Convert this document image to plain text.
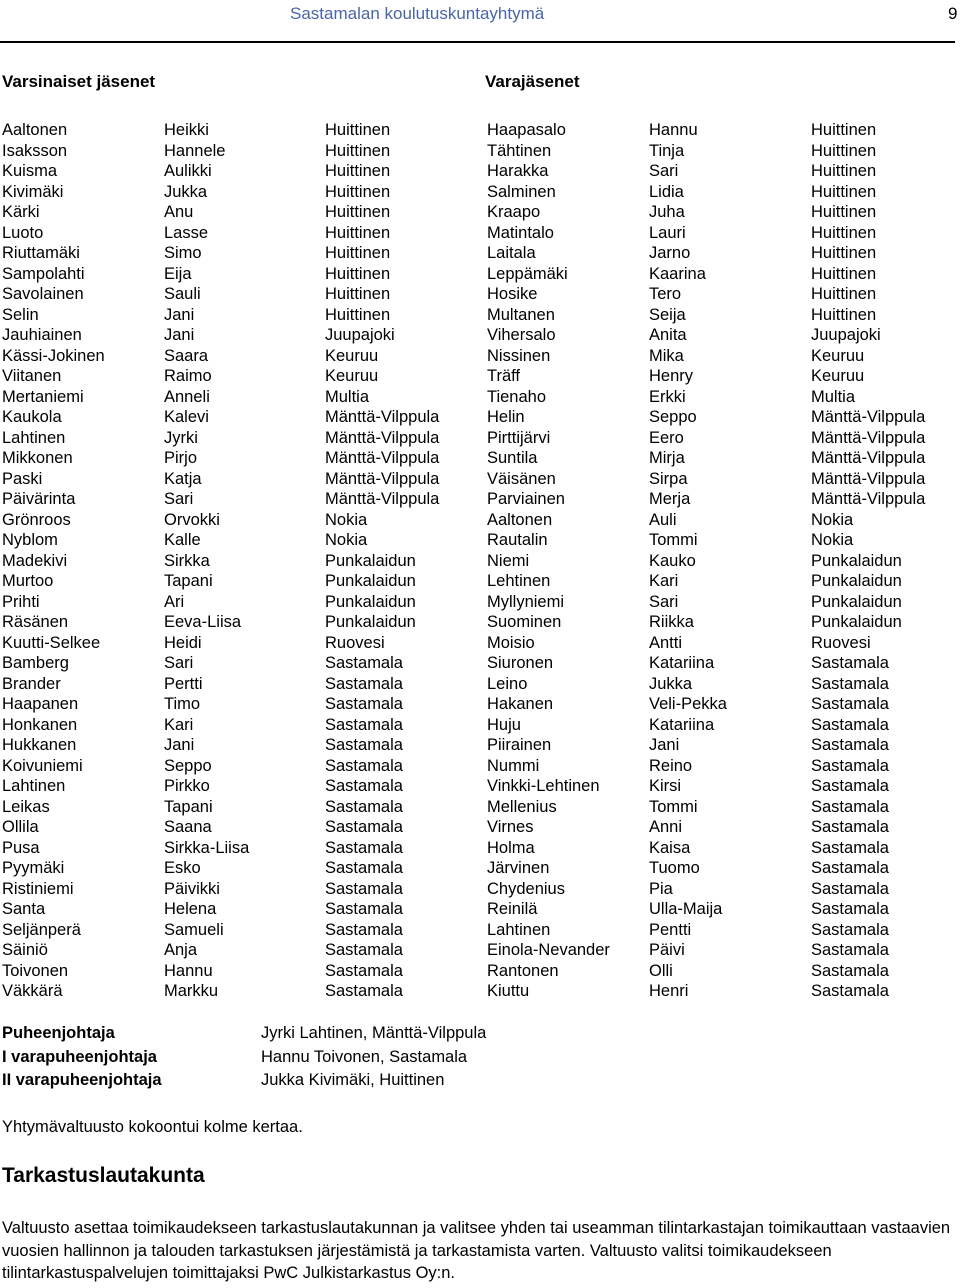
Sastamalan koulutuskuntayhtymä	9
Varsinaiset jäsenet	Varajäsenet
Aaltonen	Heikki	Huittinen	Haapasalo	Hannu	Huittinen
Isaksson	Hannele	Huittinen	Tähtinen	Tinja	Huittinen
Kuisma	Aulikki	Huittinen	Harakka	Sari	Huittinen
Kivimäki	Jukka	Huittinen	Salminen	Lidia	Huittinen
Kärki	Anu	Huittinen	Kraapo	Juha	Huittinen
Luoto	Lasse	Huittinen	Matintalo	Lauri	Huittinen
Riuttamäki	Simo	Huittinen	Laitala	Jarno	Huittinen
Sampolahti	Eija	Huittinen	Leppämäki	Kaarina	Huittinen
Savolainen	Sauli	Huittinen	Hosike	Tero	Huittinen
Selin	Jani	Huittinen	Multanen	Seija	Huittinen
Jauhiainen	Jani	Juupajoki	Vihersalo	Anita	Juupajoki
Kässi-Jokinen	Saara	Keuruu	Nissinen	Mika	Keuruu
Viitanen	Raimo	Keuruu	Träff	Henry	Keuruu
Mertaniemi	Anneli	Multia	Tienaho	Erkki	Multia
Kaukola	Kalevi	Mänttä-Vilppula	Helin	Seppo	Mänttä-Vilppula
Lahtinen	Jyrki	Mänttä-Vilppula	Pirttijärvi	Eero	Mänttä-Vilppula
Mikkonen	Pirjo	Mänttä-Vilppula	Suntila	Mirja	Mänttä-Vilppula
Paski	Katja	Mänttä-Vilppula	Väisänen	Sirpa	Mänttä-Vilppula
Päivärinta	Sari	Mänttä-Vilppula	Parviainen	Merja	Mänttä-Vilppula
Grönroos	Orvokki	Nokia	Aaltonen	Auli	Nokia
Nyblom	Kalle	Nokia	Rautalin	Tommi	Nokia
Madekivi	Sirkka	Punkalaidun	Niemi	Kauko	Punkalaidun
Murtoo	Tapani	Punkalaidun	Lehtinen	Kari	Punkalaidun
Prihti	Ari	Punkalaidun	Myllyniemi	Sari	Punkalaidun
Räsänen	Eeva-Liisa	Punkalaidun	Suominen	Riikka	Punkalaidun
Kuutti-Selkee	Heidi	Ruovesi	Moisio	Antti	Ruovesi
Bamberg	Sari	Sastamala	Siuronen	Katariina	Sastamala
Brander	Pertti	Sastamala	Leino	Jukka	Sastamala
Haapanen	Timo	Sastamala	Hakanen	Veli-Pekka	Sastamala
Honkanen	Kari	Sastamala	Huju	Katariina	Sastamala
Hukkanen	Jani	Sastamala	Piirainen	Jani	Sastamala
Koivuniemi	Seppo	Sastamala	Nummi	Reino	Sastamala
Lahtinen	Pirkko	Sastamala	Vinkki-Lehtinen	Kirsi	Sastamala
Leikas	Tapani	Sastamala	Mellenius	Tommi	Sastamala
Ollila	Saana	Sastamala	Virnes	Anni	Sastamala
Pusa	Sirkka-Liisa	Sastamala	Holma	Kaisa	Sastamala
Pyymäki	Esko	Sastamala	Järvinen	Tuomo	Sastamala
Ristiniemi	Päivikki	Sastamala	Chydenius	Pia	Sastamala
Santa	Helena	Sastamala	Reinilä	Ulla-Maija	Sastamala
Seljänperä	Samueli	Sastamala	Lahtinen	Pentti	Sastamala
Säiniö	Anja	Sastamala	Einola-Nevander Päivi	Sastamala
Toivonen	Hannu	Sastamala	Rantonen	Olli	Sastamala
Väkkärä	Markku	Sastamala	Kiuttu	Henri	Sastamala
Puheenjohtaja	Jyrki Lahtinen, Mänttä-Vilppula
I varapuheenjohtaja	Hannu Toivonen, Sastamala
II varapuheenjohtaja	Jukka Kivimäki, Huittinen
Yhtymävaltuusto kokoontui kolme kertaa.
Tarkastuslautakunta
Valtuusto asettaa toimikaudekseen tarkastuslautakunnan ja valitsee yhden tai useamman tilintarkastajan toimikauttaan vastaavien vuosien hallinnon ja talouden tarkastuksen järjestämistä ja tarkastamista varten. Valtuusto valitsi toimikaudekseen tilintarkastuspalvelujen toimittajaksi PwC Julkistarkastus Oy:n.
